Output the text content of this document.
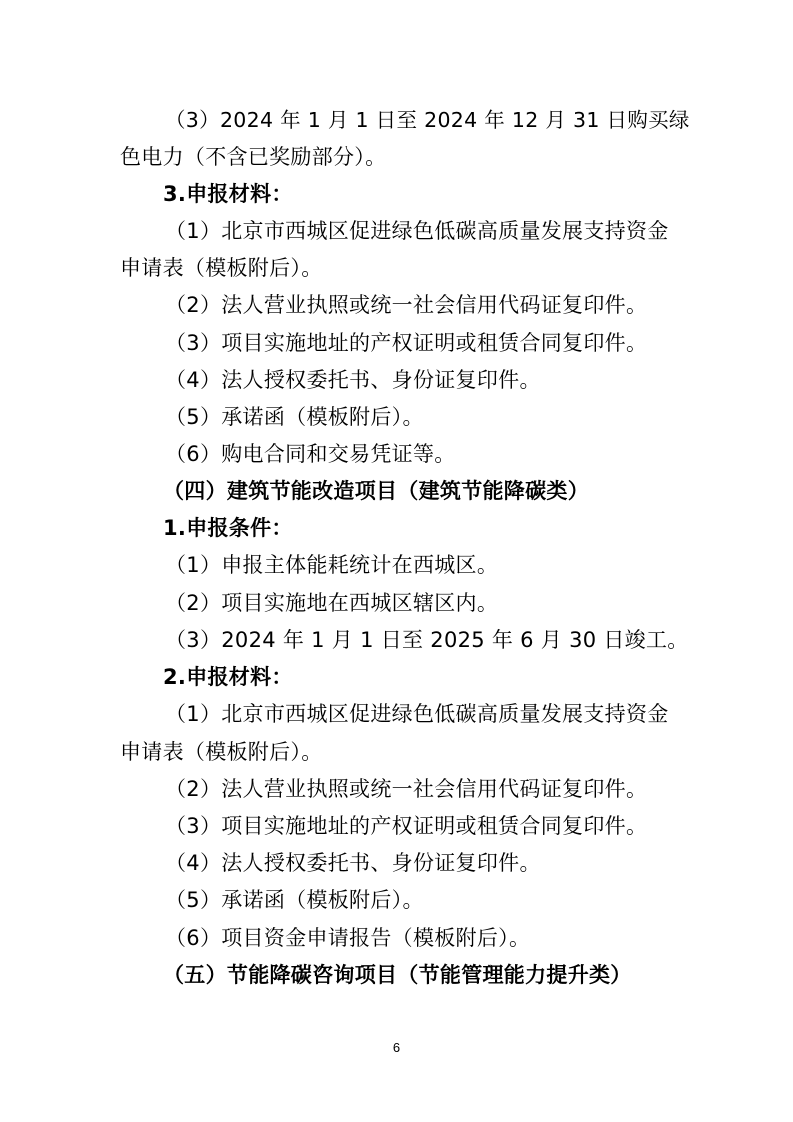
（3）2024 年 1 月 1 日至 2024 年 12 月 31 日购买绿
色电力（不含已奖励部分）。
3.申报材料：
（1）北京市西城区促进绿色低碳高质量发展支持资金
申请表（模板附后）。
（2）法人营业执照或统一社会信用代码证复印件。
（3）项目实施地址的产权证明或租赁合同复印件。
（4）法人授权委托书、身份证复印件。
（5）承诺函（模板附后）。
（6）购电合同和交易凭证等。
（四）建筑节能改造项目（建筑节能降碳类）
1.申报条件：
（1）申报主体能耗统计在西城区。
（2）项目实施地在西城区辖区内。
（3）2024 年 1 月 1 日至 2025 年 6 月 30 日竣工。
2.申报材料：
（1）北京市西城区促进绿色低碳高质量发展支持资金
申请表（模板附后）。
（2）法人营业执照或统一社会信用代码证复印件。
（3）项目实施地址的产权证明或租赁合同复印件。
（4）法人授权委托书、身份证复印件。
（5）承诺函（模板附后）。
（6）项目资金申请报告（模板附后）。
（五）节能降碳咨询项目（节能管理能力提升类）
6
